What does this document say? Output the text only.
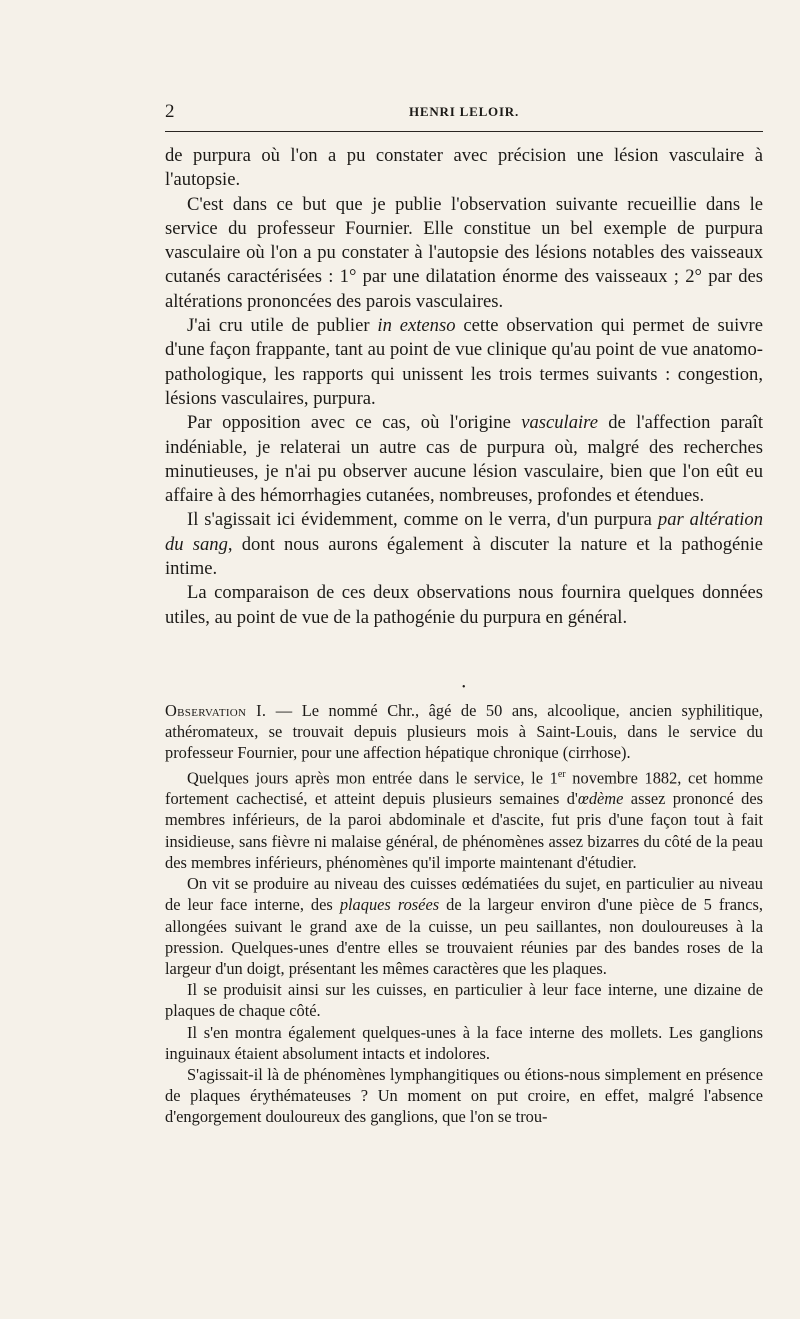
2	HENRI LELOIR.

de purpura où l'on a pu constater avec précision une lésion vasculaire à l'autopsie.

C'est dans ce but que je publie l'observation suivante recueillie dans le service du professeur Fournier. Elle constitue un bel exemple de purpura vasculaire où l'on a pu constater à l'autopsie des lésions notables des vaisseaux cutanés caractérisées : 1° par une dilatation énorme des vaisseaux ; 2° par des altérations prononcées des parois vasculaires.

J'ai cru utile de publier in extenso cette observation qui permet de suivre d'une façon frappante, tant au point de vue clinique qu'au point de vue anatomo-pathologique, les rapports qui unissent les trois termes suivants : congestion, lésions vasculaires, purpura.

Par opposition avec ce cas, où l'origine vasculaire de l'affection paraît indéniable, je relaterai un autre cas de purpura où, malgré des recherches minutieuses, je n'ai pu observer aucune lésion vasculaire, bien que l'on eût eu affaire à des hémorrhagies cutanées, nombreuses, profondes et étendues.

Il s'agissait ici évidemment, comme on le verra, d'un purpura par altération du sang, dont nous aurons également à discuter la nature et la pathogénie intime.

La comparaison de ces deux observations nous fournira quelques données utiles, au point de vue de la pathogénie du purpura en général.

•

Observation I. — Le nommé Chr., âgé de 50 ans, alcoolique, ancien syphilitique, athéromateux, se trouvait depuis plusieurs mois à Saint-Louis, dans le service du professeur Fournier, pour une affection hépatique chronique (cirrhose).

Quelques jours après mon entrée dans le service, le 1er novembre 1882, cet homme fortement cachectisé, et atteint depuis plusieurs semaines d'œdème assez prononcé des membres inférieurs, de la paroi abdominale et d'ascite, fut pris d'une façon tout à fait insidieuse, sans fièvre ni malaise général, de phénomènes assez bizarres du côté de la peau des membres inférieurs, phénomènes qu'il importe maintenant d'étudier.

On vit se produire au niveau des cuisses œdématiées du sujet, en particulier au niveau de leur face interne, des plaques rosées de la largeur environ d'une pièce de 5 francs, allongées suivant le grand axe de la cuisse, un peu saillantes, non douloureuses à la pression. Quelques-unes d'entre elles se trouvaient réunies par des bandes roses de la largeur d'un doigt, présentant les mêmes caractères que les plaques.

Il se produisit ainsi sur les cuisses, en particulier à leur face interne, une dizaine de plaques de chaque côté.

Il s'en montra également quelques-unes à la face interne des mollets. Les ganglions inguinaux étaient absolument intacts et indolores.

S'agissait-il là de phénomènes lymphangitiques ou étions-nous simplement en présence de plaques érythémateuses ? Un moment on put croire, en effet, malgré l'absence d'engorgement douloureux des ganglions, que l'on se trou-
